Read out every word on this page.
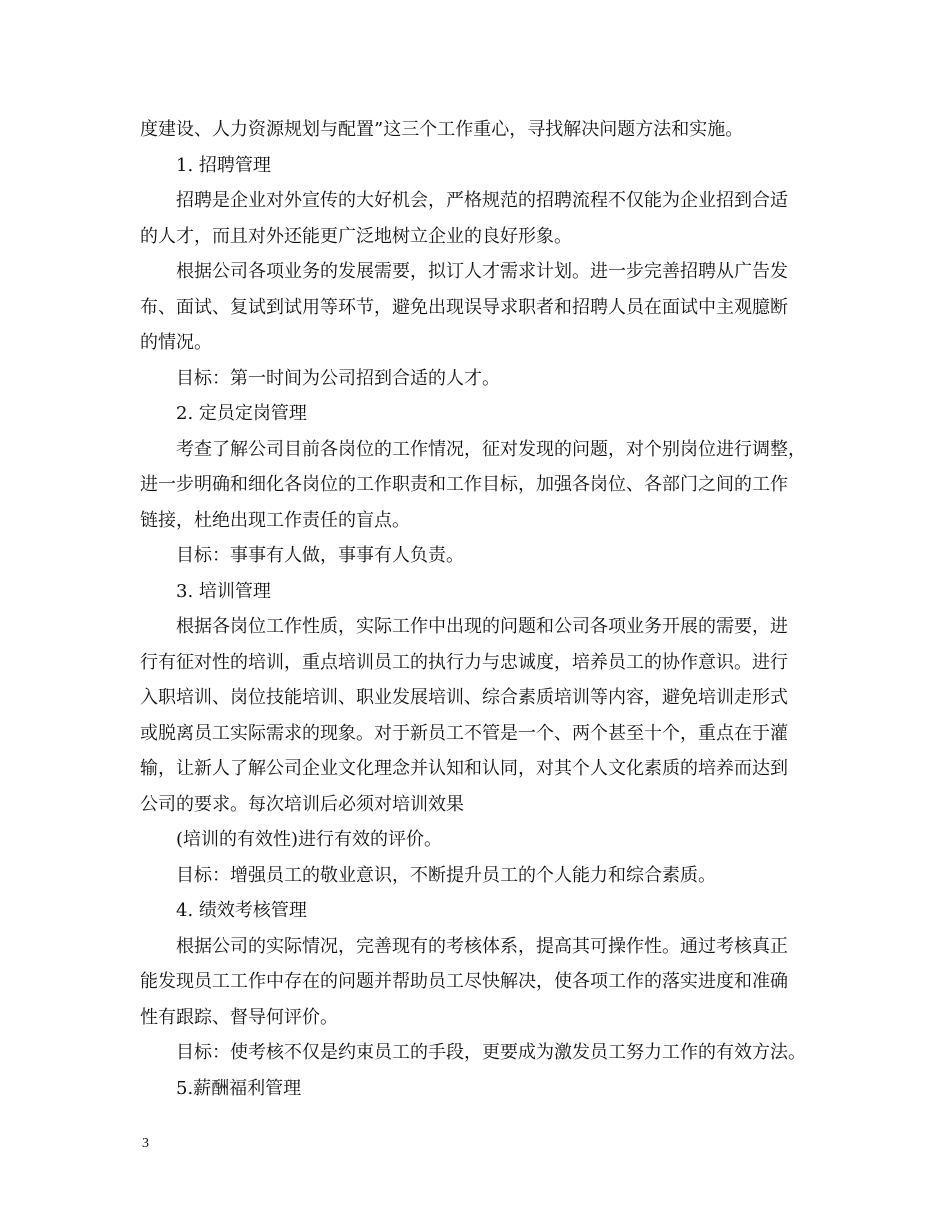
度建设、人力资源规划与配置”这三个工作重心，寻找解决问题方法和实施。
1. 招聘管理
招聘是企业对外宣传的大好机会，严格规范的招聘流程不仅能为企业招到合适
的人才，而且对外还能更广泛地树立企业的良好形象。
根据公司各项业务的发展需要，拟订人才需求计划。进一步完善招聘从广告发
布、面试、复试到试用等环节，避免出现误导求职者和招聘人员在面试中主观臆断
的情况。
目标：第一时间为公司招到合适的人才。
2. 定员定岗管理
考查了解公司目前各岗位的工作情况，征对发现的问题，对个别岗位进行调整，
进一步明确和细化各岗位的工作职责和工作目标，加强各岗位、各部门之间的工作
链接，杜绝出现工作责任的盲点。
目标：事事有人做，事事有人负责。
3. 培训管理
根据各岗位工作性质，实际工作中出现的问题和公司各项业务开展的需要，进
行有征对性的培训，重点培训员工的执行力与忠诚度，培养员工的协作意识。进行
入职培训、岗位技能培训、职业发展培训、综合素质培训等内容，避免培训走形式
或脱离员工实际需求的现象。对于新员工不管是一个、两个甚至十个，重点在于灌
输，让新人了解公司企业文化理念并认知和认同，对其个人文化素质的培养而达到
公司的要求。每次培训后必须对培训效果
(培训的有效性)进行有效的评价。
目标：增强员工的敬业意识，不断提升员工的个人能力和综合素质。
4. 绩效考核管理
根据公司的实际情况，完善现有的考核体系，提高其可操作性。通过考核真正
能发现员工工作中存在的问题并帮助员工尽快解决，使各项工作的落实进度和准确
性有跟踪、督导何评价。
目标：使考核不仅是约束员工的手段，更要成为激发员工努力工作的有效方法。
5.薪酬福利管理
3
